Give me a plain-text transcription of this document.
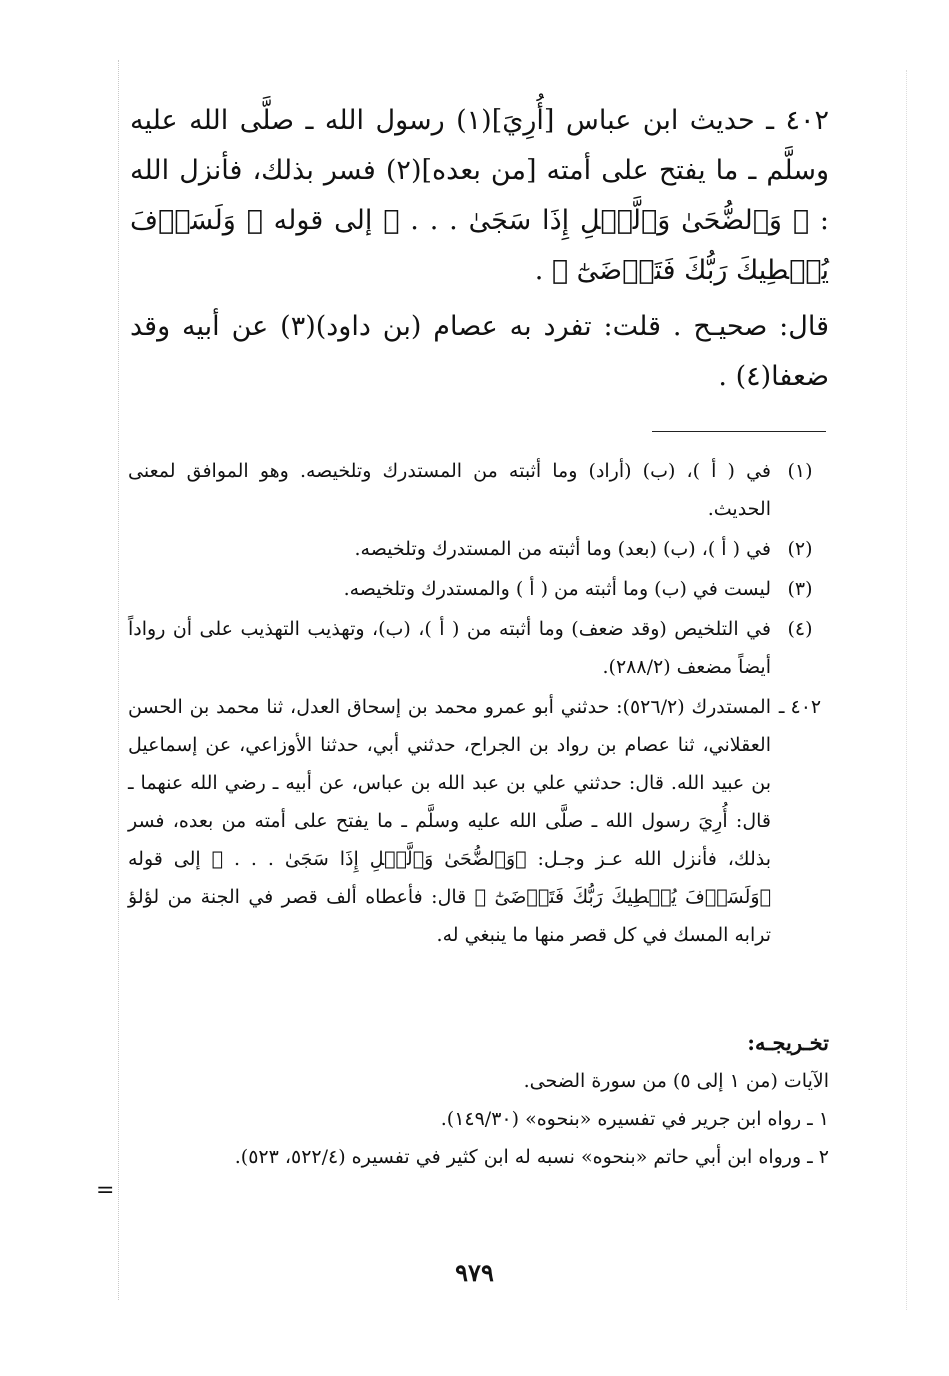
٤٠٢ ـ حديث ابن عباس [أُرِيَ](١) رسول الله ـ صلَّى الله عليه وسلَّم ـ ما يفتح على أمته [من بعده](٢) فسر بذلك، فأنزل الله : ﴿ وَٱلضُّحَىٰ وَٱلَّيۡلِ إِذَا سَجَىٰ . . . ﴾ إلى قوله ﴿ وَلَسَوۡفَ يُعۡطِيكَ رَبُّكَ فَتَرۡضَىٰٓ ﴾ .

قال: صحيـح . قلت: تفرد به عصام (بن داود)(٣) عن أبيه وقد ضعفا(٤) .

(١)
في ( أ )، (ب) (أراد) وما أثبته من المستدرك وتلخيصه. وهو الموافق لمعنى الحديث.
(٢)
في ( أ )، (ب) (بعد) وما أثبته من المستدرك وتلخيصه.
(٣)
ليست في (ب) وما أثبته من ( أ ) والمستدرك وتلخيصه.
(٤)
في التلخيص (وقد ضعف) وما أثبته من ( أ )، (ب)، وتهذيب التهذيب على أن رواداً أيضاً مضعف (٢٨٨/٢).
٤٠٢ ـ
المستدرك (٥٢٦/٢): حدثني أبو عمرو محمد بن إسحاق العدل، ثنا محمد بن الحسن العقلاني، ثنا عصام بن رواد بن الجراح، حدثني أبي، حدثنا الأوزاعي، عن إسماعيل بن عبيد الله. قال: حدثني علي بن عبد الله بن عباس، عن أبيه ـ رضي الله عنهما ـ قال: أُرِيَ رسول الله ـ صلَّى الله عليه وسلَّم ـ ما يفتح على أمته من بعده، فسر بذلك، فأنزل الله عـز وجـل: ﴿وَٱلضُّحَىٰ وَٱلَّيۡلِ إِذَا سَجَىٰ . . . ﴾ إلى قوله ﴿وَلَسَوۡفَ يُعۡطِيكَ رَبُّكَ فَتَرۡضَىٰٓ ﴾ قال: فأعطاه ألف قصر في الجنة من لؤلؤ ترابه المسك في كل قصر منها ما ينبغي له.

تخـريجـه:

الآيات (من ١ إلى ٥) من سورة الضحى.

١ ـ رواه ابن جرير في تفسيره «بنحوه» (١٤٩/٣٠).

٢ ـ ورواه ابن أبي حاتم «بنحوه» نسبه له ابن كثير في تفسيره (٥٢٢/٤، ٥٢٣).

=
٩٧٩
